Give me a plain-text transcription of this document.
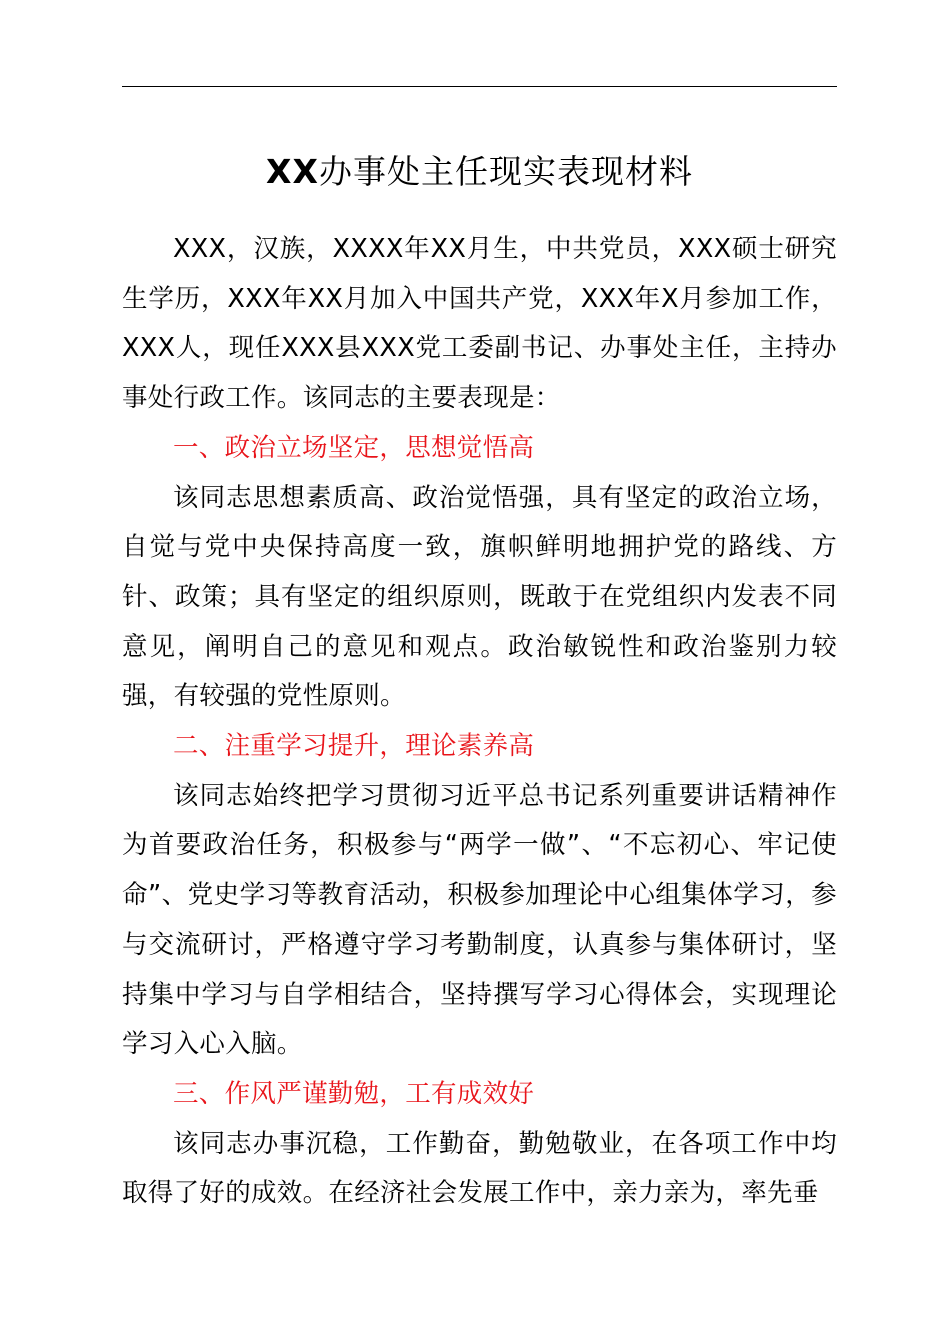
XX办事处主任现实表现材料

XXX，汉族，XXXX年XX月生，中共党员，XXX硕士研究生学历，XXX年XX月加入中国共产党，XXX年X月参加工作，XXX人，现任XXX县XXX党工委副书记、办事处主任，主持办事处行政工作。该同志的主要表现是：

一、政治立场坚定，思想觉悟高

该同志思想素质高、政治觉悟强，具有坚定的政治立场，自觉与党中央保持高度一致，旗帜鲜明地拥护党的路线、方针、政策；具有坚定的组织原则，既敢于在党组织内发表不同意见，阐明自己的意见和观点。政治敏锐性和政治鉴别力较强，有较强的党性原则。

二、注重学习提升，理论素养高

该同志始终把学习贯彻习近平总书记系列重要讲话精神作为首要政治任务，积极参与“两学一做”、“不忘初心、牢记使命”、党史学习等教育活动，积极参加理论中心组集体学习，参与交流研讨，严格遵守学习考勤制度，认真参与集体研讨，坚持集中学习与自学相结合，坚持撰写学习心得体会，实现理论学习入心入脑。

三、作风严谨勤勉，工有成效好

该同志办事沉稳，工作勤奋，勤勉敬业，在各项工作中均取得了好的成效。在经济社会发展工作中，亲力亲为，率先垂
